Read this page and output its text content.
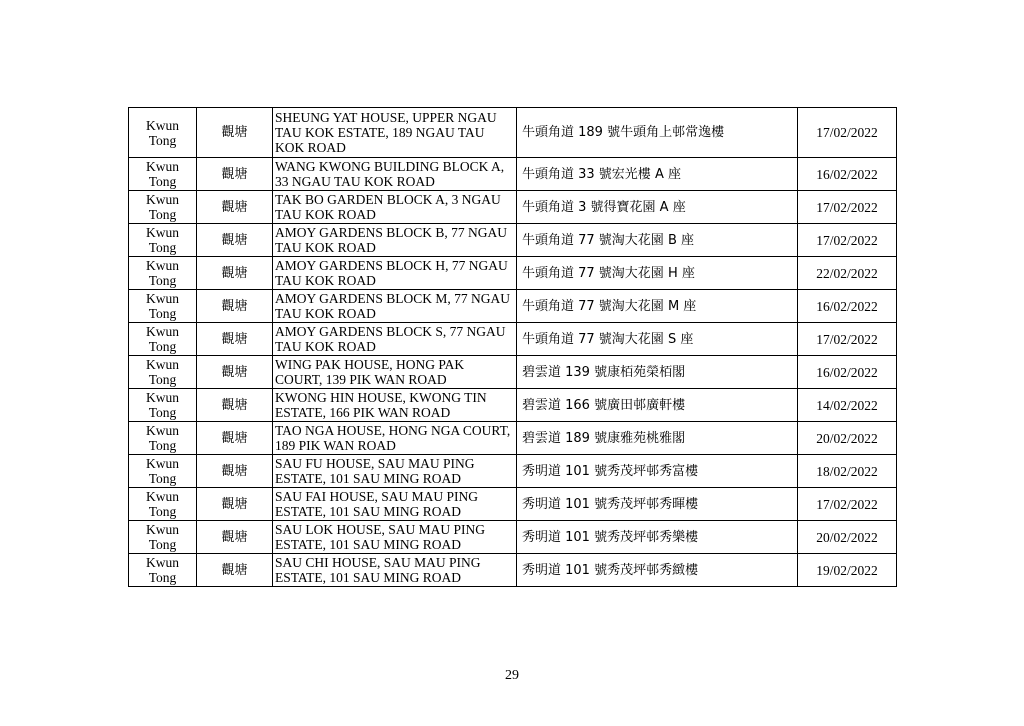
Kwun Tong	觀塘	SHEUNG YAT HOUSE, UPPER NGAU TAU KOK ESTATE, 189 NGAU TAU KOK ROAD	牛頭角道 189 號牛頭角上邨常逸樓	17/02/2022
Kwun Tong	觀塘	WANG KWONG BUILDING BLOCK A, 33 NGAU TAU KOK ROAD	牛頭角道 33 號宏光樓 A 座	16/02/2022
Kwun Tong	觀塘	TAK BO GARDEN BLOCK A, 3 NGAU TAU KOK ROAD	牛頭角道 3 號得寶花園 A 座	17/02/2022
Kwun Tong	觀塘	AMOY GARDENS BLOCK B, 77 NGAU TAU KOK ROAD	牛頭角道 77 號淘大花園 B 座	17/02/2022
Kwun Tong	觀塘	AMOY GARDENS BLOCK H, 77 NGAU TAU KOK ROAD	牛頭角道 77 號淘大花園 H 座	22/02/2022
Kwun Tong	觀塘	AMOY GARDENS BLOCK M, 77 NGAU TAU KOK ROAD	牛頭角道 77 號淘大花園 M 座	16/02/2022
Kwun Tong	觀塘	AMOY GARDENS BLOCK S, 77 NGAU TAU KOK ROAD	牛頭角道 77 號淘大花園 S 座	17/02/2022
Kwun Tong	觀塘	WING PAK HOUSE, HONG PAK COURT, 139 PIK WAN ROAD	碧雲道 139 號康栢苑榮栢閣	16/02/2022
Kwun Tong	觀塘	KWONG HIN HOUSE, KWONG TIN ESTATE, 166 PIK WAN ROAD	碧雲道 166 號廣田邨廣軒樓	14/02/2022
Kwun Tong	觀塘	TAO NGA HOUSE, HONG NGA COURT, 189 PIK WAN ROAD	碧雲道 189 號康雅苑桃雅閣	20/02/2022
Kwun Tong	觀塘	SAU FU HOUSE, SAU MAU PING ESTATE, 101 SAU MING ROAD	秀明道 101 號秀茂坪邨秀富樓	18/02/2022
Kwun Tong	觀塘	SAU FAI HOUSE, SAU MAU PING ESTATE, 101 SAU MING ROAD	秀明道 101 號秀茂坪邨秀暉樓	17/02/2022
Kwun Tong	觀塘	SAU LOK HOUSE, SAU MAU PING ESTATE, 101 SAU MING ROAD	秀明道 101 號秀茂坪邨秀樂樓	20/02/2022
Kwun Tong	觀塘	SAU CHI HOUSE, SAU MAU PING ESTATE, 101 SAU MING ROAD	秀明道 101 號秀茂坪邨秀緻樓	19/02/2022
29
